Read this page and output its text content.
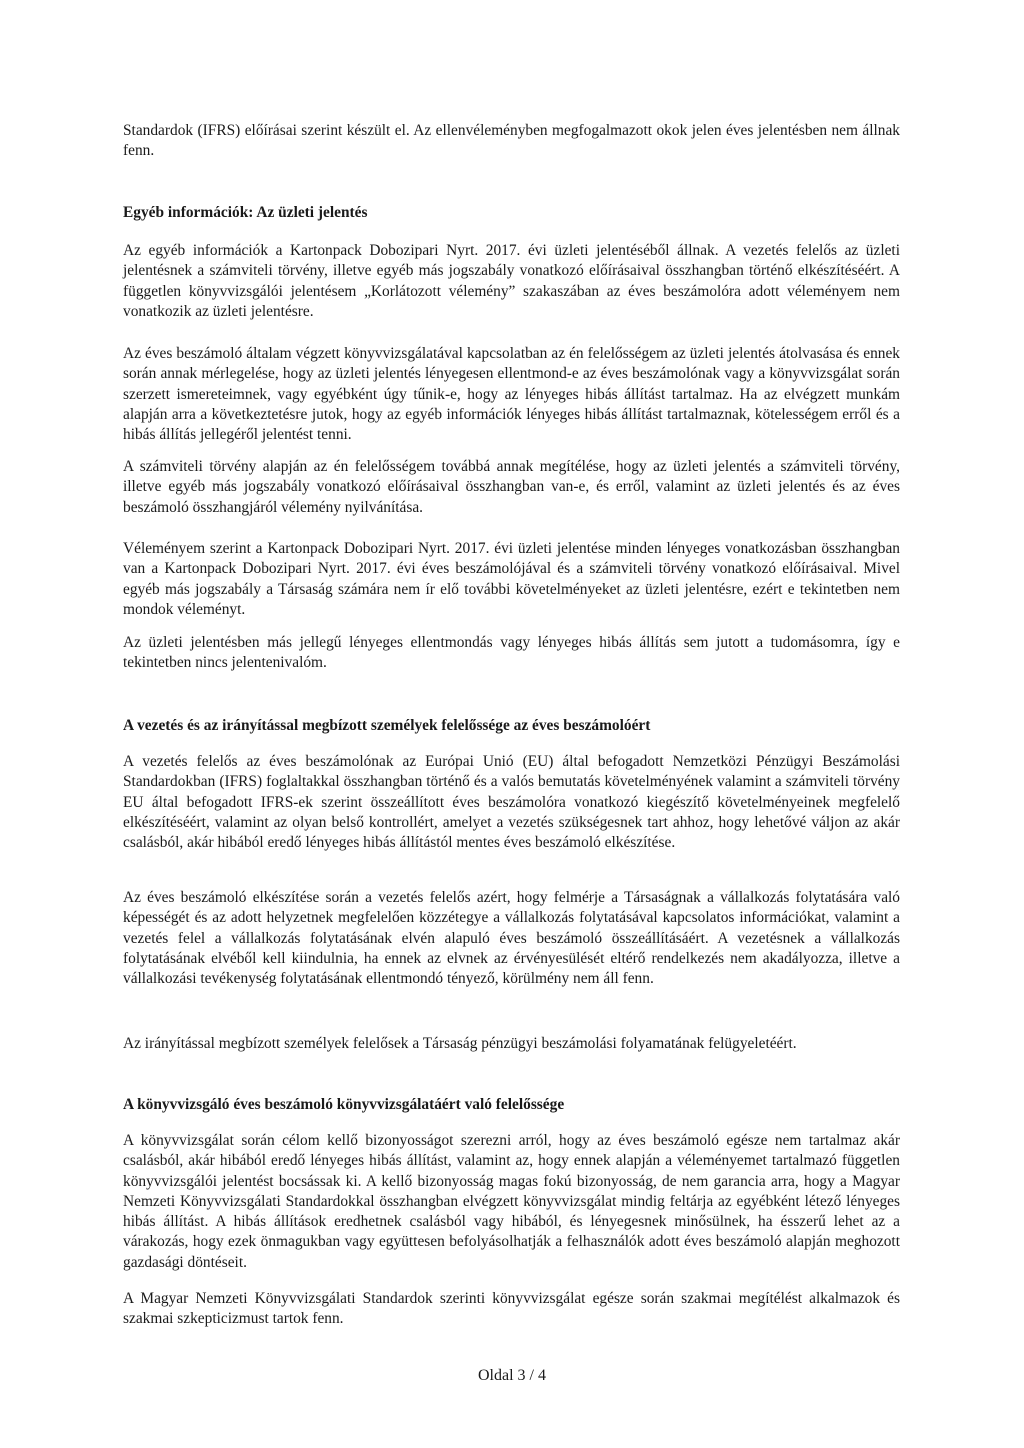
Standardok (IFRS) előírásai szerint készült el. Az ellenvéleményben megfogalmazott okok jelen éves jelentésben nem állnak fenn.

Egyéb információk: Az üzleti jelentés

Az egyéb információk a Kartonpack Dobozipari Nyrt. 2017. évi üzleti jelentéséből állnak. A vezetés felelős az üzleti jelentésnek a számviteli törvény, illetve egyéb más jogszabály vonatkozó előírásaival összhangban történő elkészítéséért. A független könyvvizsgálói jelentésem „Korlátozott vélemény” szakaszában az éves beszámolóra adott véleményem nem vonatkozik az üzleti jelentésre.

Az éves beszámoló általam végzett könyvvizsgálatával kapcsolatban az én felelősségem az üzleti jelentés átolvasása és ennek során annak mérlegelése, hogy az üzleti jelentés lényegesen ellentmond-e az éves beszámolónak vagy a könyvvizsgálat során szerzett ismereteimnek, vagy egyébként úgy tűnik-e, hogy az lényeges hibás állítást tartalmaz. Ha az elvégzett munkám alapján arra a következtetésre jutok, hogy az egyéb információk lényeges hibás állítást tartalmaznak, kötelességem erről és a hibás állítás jellegéről jelentést tenni.

A számviteli törvény alapján az én felelősségem továbbá annak megítélése, hogy az üzleti jelentés a számviteli törvény, illetve egyéb más jogszabály vonatkozó előírásaival összhangban van-e, és erről, valamint az üzleti jelentés és az éves beszámoló összhangjáról vélemény nyilvánítása.

Véleményem szerint a Kartonpack Dobozipari Nyrt. 2017. évi üzleti jelentése minden lényeges vonatkozásban összhangban van a Kartonpack Dobozipari Nyrt. 2017. évi éves beszámolójával és a számviteli törvény vonatkozó előírásaival. Mivel egyéb más jogszabály a Társaság számára nem ír elő további követelményeket az üzleti jelentésre, ezért e tekintetben nem mondok véleményt.

Az üzleti jelentésben más jellegű lényeges ellentmondás vagy lényeges hibás állítás sem jutott a tudomásomra, így e tekintetben nincs jelentenivalóm.

A vezetés és az irányítással megbízott személyek felelőssége az éves beszámolóért

A vezetés felelős az éves beszámolónak az Európai Unió (EU) által befogadott Nemzetközi Pénzügyi Beszámolási Standardokban (IFRS) foglaltakkal összhangban történő és a valós bemutatás követelményének valamint a számviteli törvény EU által befogadott IFRS-ek szerint összeállított éves beszámolóra vonatkozó kiegészítő követelményeinek megfelelő elkészítéséért, valamint az olyan belső kontrollért, amelyet a vezetés szükségesnek tart ahhoz, hogy lehetővé váljon az akár csalásból, akár hibából eredő lényeges hibás állítástól mentes éves beszámoló elkészítése.

Az éves beszámoló elkészítése során a vezetés felelős azért, hogy felmérje a Társaságnak a vállalkozás folytatására való képességét és az adott helyzetnek megfelelően közzétegye a vállalkozás folytatásával kapcsolatos információkat, valamint a vezetés felel a vállalkozás folytatásának elvén alapuló éves beszámoló összeállításáért. A vezetésnek a vállalkozás folytatásának elvéből kell kiindulnia, ha ennek az elvnek az érvényesülését eltérő rendelkezés nem akadályozza, illetve a vállalkozási tevékenység folytatásának ellentmondó tényező, körülmény nem áll fenn.

Az irányítással megbízott személyek felelősek a Társaság pénzügyi beszámolási folyamatának felügyeletéért.

A könyvvizsgáló éves beszámoló könyvvizsgálatáért való felelőssége

A könyvvizsgálat során célom kellő bizonyosságot szerezni arról, hogy az éves beszámoló egésze nem tartalmaz akár csalásból, akár hibából eredő lényeges hibás állítást, valamint az, hogy ennek alapján a véleményemet tartalmazó független könyvvizsgálói jelentést bocsássak ki. A kellő bizonyosság magas fokú bizonyosság, de nem garancia arra, hogy a Magyar Nemzeti Könyvvizsgálati Standardokkal összhangban elvégzett könyvvizsgálat mindig feltárja az egyébként létező lényeges hibás állítást. A hibás állítások eredhetnek csalásból vagy hibából, és lényegesnek minősülnek, ha ésszerű lehet az a várakozás, hogy ezek önmagukban vagy együttesen befolyásolhatják a felhasználók adott éves beszámoló alapján meghozott gazdasági döntéseit.

A Magyar Nemzeti Könyvvizsgálati Standardok szerinti könyvvizsgálat egésze során szakmai megítélést alkalmazok és szakmai szkepticizmust tartok fenn.

Oldal 3 / 4
